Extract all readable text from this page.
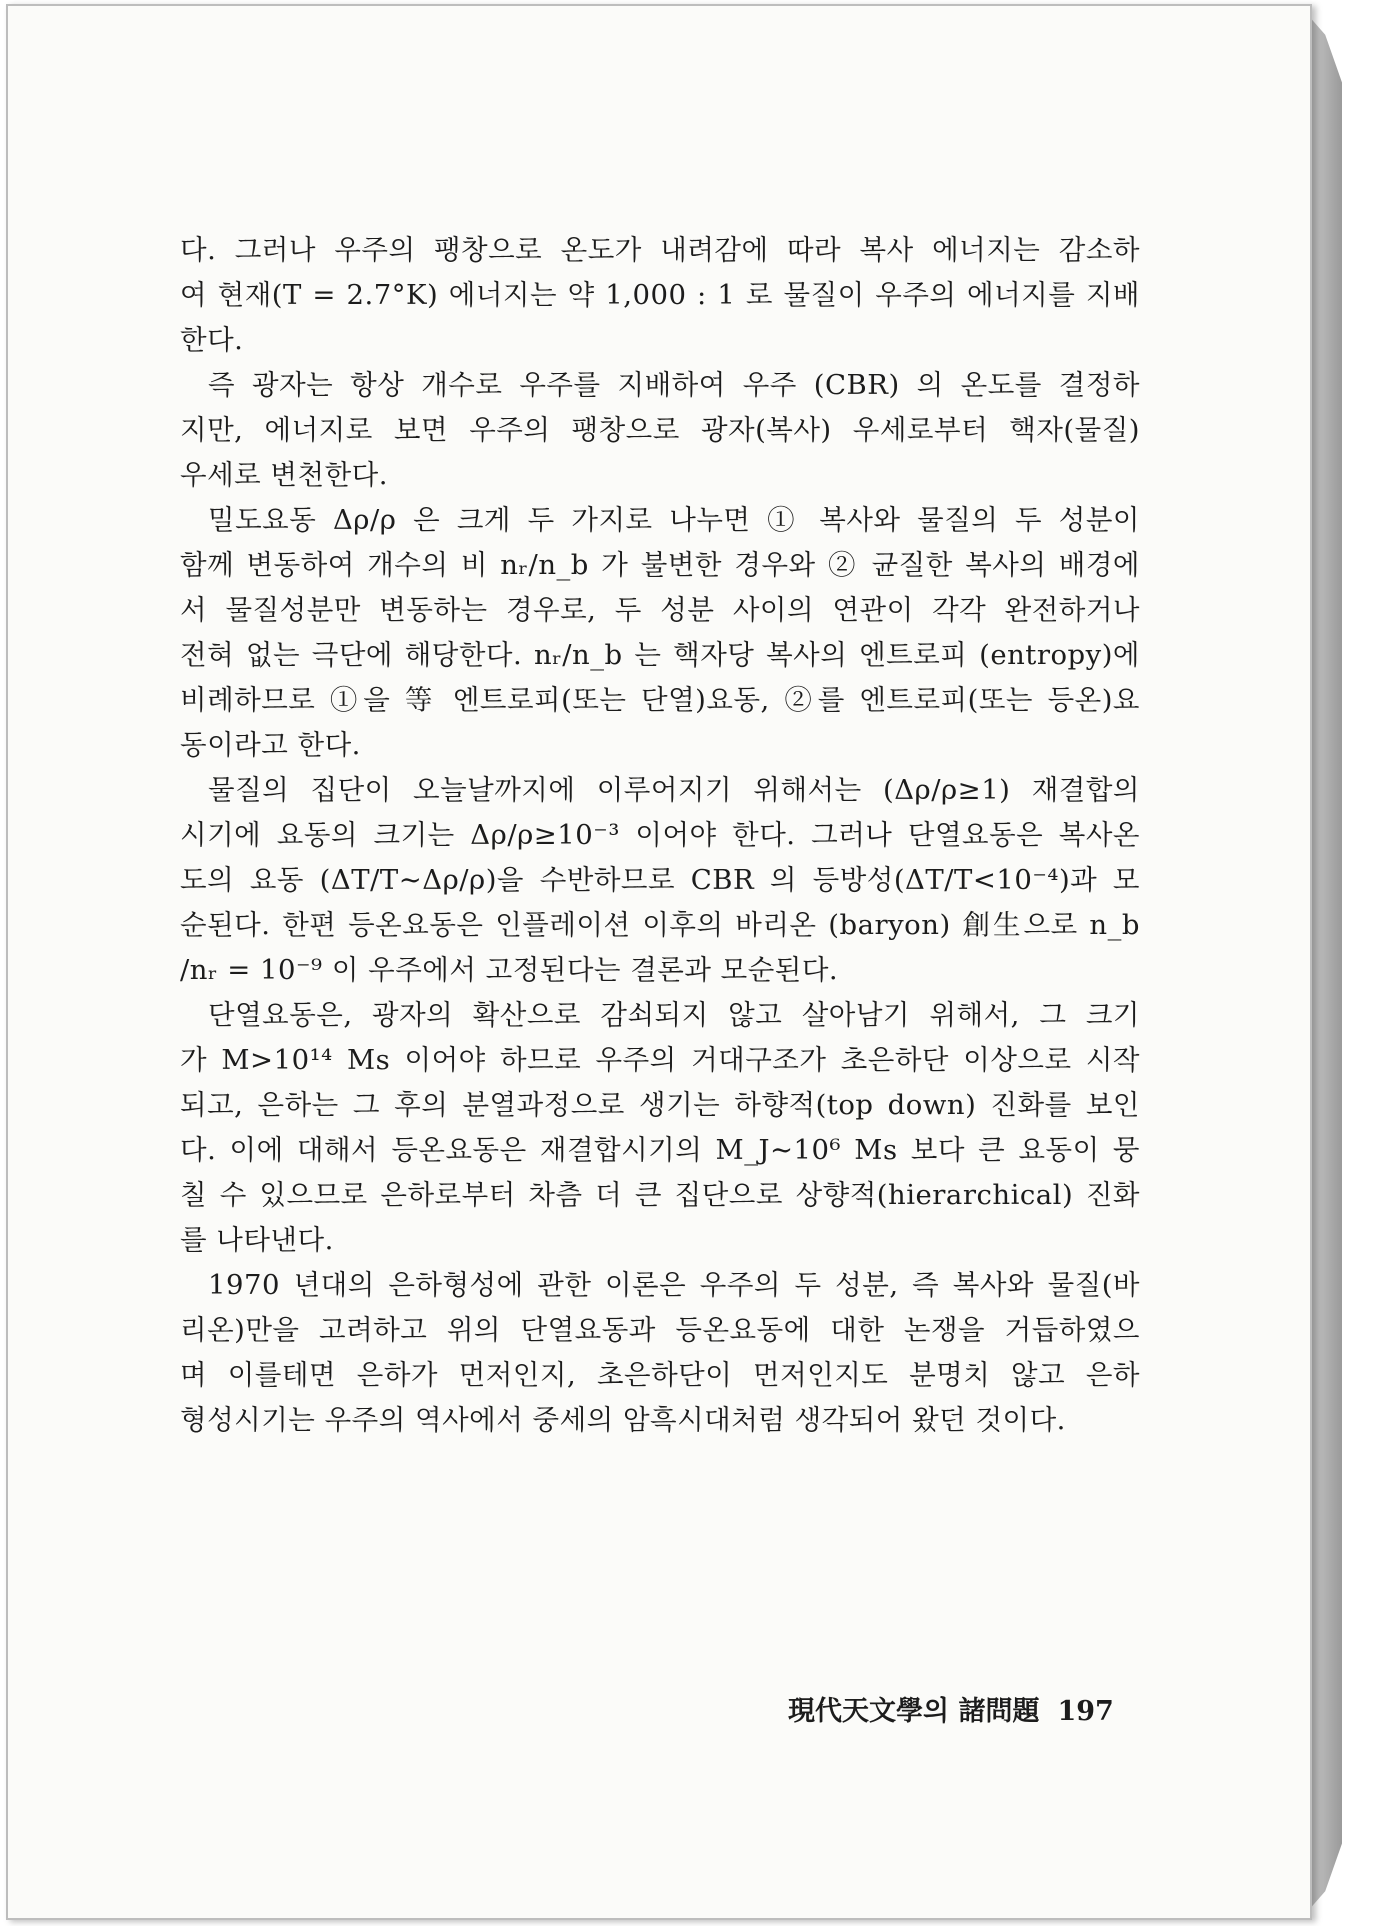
다. 그러나 우주의 팽창으로 온도가 내려감에 따라 복사 에너지는 감소하
여 현재(T = 2.7°K) 에너지는 약 1,000 : 1 로 물질이 우주의 에너지를 지배
한다.
즉 광자는 항상 개수로 우주를 지배하여 우주 (CBR) 의 온도를 결정하
지만, 에너지로 보면 우주의 팽창으로 광자(복사) 우세로부터 핵자(물질)
우세로 변천한다.
밀도요동 Δρ/ρ 은 크게 두 가지로 나누면 ① 복사와 물질의 두 성분이
함께 변동하여 개수의 비 nᵣ/n_b 가 불변한 경우와 ② 균질한 복사의 배경에
서 물질성분만 변동하는 경우로, 두 성분 사이의 연관이 각각 완전하거나
전혀 없는 극단에 해당한다. nᵣ/n_b 는 핵자당 복사의 엔트로피 (entropy)에
비례하므로 ①을 等 엔트로피(또는 단열)요동, ②를 엔트로피(또는 등온)요
동이라고 한다.
물질의 집단이 오늘날까지에 이루어지기 위해서는 (Δρ/ρ≥1) 재결합의
시기에 요동의 크기는 Δρ/ρ≥10⁻³ 이어야 한다. 그러나 단열요동은 복사온
도의 요동 (ΔT/T∼Δρ/ρ)을 수반하므로 CBR 의 등방성(ΔT/T<10⁻⁴)과 모
순된다. 한편 등온요동은 인플레이션 이후의 바리온 (baryon) 創生으로 n_b
/nᵣ = 10⁻⁹ 이 우주에서 고정된다는 결론과 모순된다.
단열요동은, 광자의 확산으로 감쇠되지 않고 살아남기 위해서, 그 크기
가 M>10¹⁴ Ms 이어야 하므로 우주의 거대구조가 초은하단 이상으로 시작
되고, 은하는 그 후의 분열과정으로 생기는 하향적(top down) 진화를 보인
다. 이에 대해서 등온요동은 재결합시기의 M_J∼10⁶ Ms 보다 큰 요동이 뭉
칠 수 있으므로 은하로부터 차츰 더 큰 집단으로 상향적(hierarchical) 진화
를 나타낸다.
1970 년대의 은하형성에 관한 이론은 우주의 두 성분, 즉 복사와 물질(바
리온)만을 고려하고 위의 단열요동과 등온요동에 대한 논쟁을 거듭하였으
며 이를테면 은하가 먼저인지, 초은하단이 먼저인지도 분명치 않고 은하
형성시기는 우주의 역사에서 중세의 암흑시대처럼 생각되어 왔던 것이다.
現代天文學의 諸問題 197
